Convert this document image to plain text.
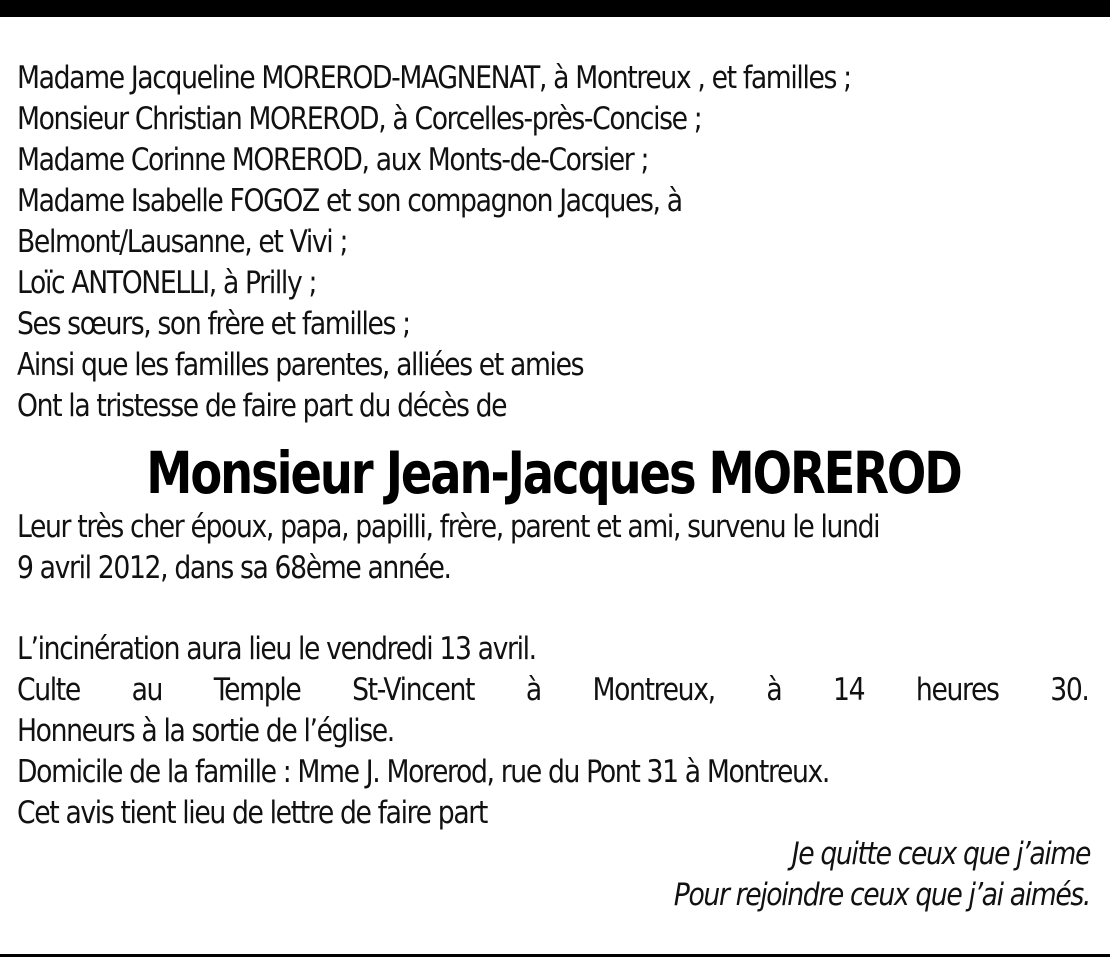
Madame Jacqueline MOREROD-MAGNENAT, à Montreux , et familles ;
Monsieur Christian MOREROD, à Corcelles-près-Concise ;
Madame Corinne MOREROD, aux Monts-de-Corsier ;
Madame Isabelle FOGOZ et son compagnon Jacques, à
Belmont/Lausanne, et Vivi ;
Loïc ANTONELLI, à Prilly ;
Ses sœurs, son frère et familles ;
Ainsi que les familles parentes, alliées et amies
Ont la tristesse de faire part du décès de
Monsieur Jean-Jacques MOREROD
Leur très cher époux, papa, papilli, frère, parent et ami, survenu le lundi
9 avril 2012, dans sa 68ème année.
L’incinération aura lieu le vendredi 13 avril.
Culte au Temple St-Vincent à Montreux, à 14 heures 30.
Honneurs à la sortie de l’église.
Domicile de la famille : Mme J. Morerod, rue du Pont 31 à Montreux.
Cet avis tient lieu de lettre de faire part
Je quitte ceux que j’aime
Pour rejoindre ceux que j’ai aimés.
